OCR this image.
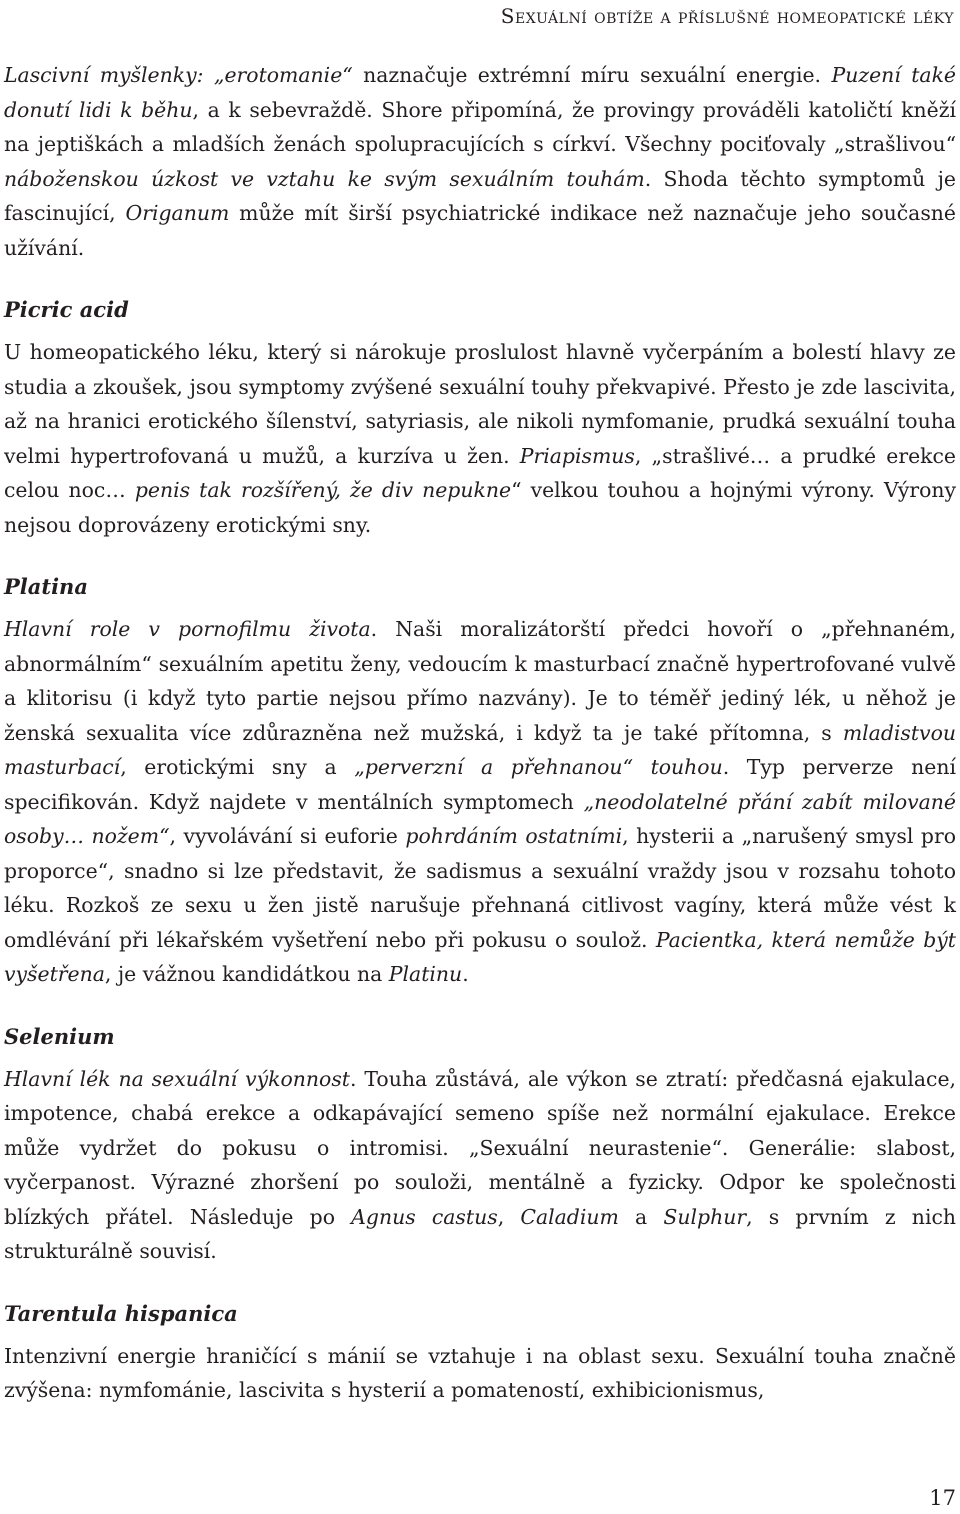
Sexuální obtíže a příslušné homeopatické léky

Lascivní myšlenky: „erotomanie“ naznačuje extrémní míru sexuální energie. Puzení také donutí lidi k běhu, a k sebevraždě. Shore připomíná, že provingy prováděli katoličtí kněží na jeptiškách a mladších ženách spolupracujících s církví. Všechny pociťovaly „strašlivou“ náboženskou úzkost ve vztahu ke svým sexuálním touhám. Shoda těchto symptomů je fascinující, Origanum může mít širší psychiatrické indikace než naznačuje jeho současné užívání.

Picric acid

U homeopatického léku, který si nárokuje proslulost hlavně vyčerpáním a bolestí hlavy ze studia a zkoušek, jsou symptomy zvýšené sexuální touhy překvapivé. Přesto je zde lascivita, až na hranici erotického šílenství, satyriasis, ale nikoli nymfomanie, prudká sexuální touha velmi hypertrofovaná u mužů, a kurzíva u žen. Priapismus, „strašlivé… a prudké erekce celou noc… penis tak rozšířený, že div nepukne“ velkou touhou a hojnými výrony. Výrony nejsou doprovázeny erotickými sny.

Platina

Hlavní role v pornofilmu života. Naši moralizátorští předci hovoří o „přehnaném, abnormálním“ sexuálním apetitu ženy, vedoucím k masturbací značně hypertrofované vulvě a klitorisu (i když tyto partie nejsou přímo nazvány). Je to téměř jediný lék, u něhož je ženská sexualita více zdůrazněna než mužská, i když ta je také přítomna, s mladistvou masturbací, erotickými sny a „perverzní a přehnanou“ touhou. Typ perverze není specifikován. Když najdete v mentálních symptomech „neodolatelné přání zabít milované osoby… nožem“, vyvolávání si euforie pohrdáním ostatními, hysterii a „narušený smysl pro proporce“, snadno si lze představit, že sadismus a sexuální vraždy jsou v rozsahu tohoto léku. Rozkoš ze sexu u žen jistě narušuje přehnaná citlivost vagíny, která může vést k omdlévání při lékařském vyšetření nebo při pokusu o soulož. Pacientka, která nemůže být vyšetřena, je vážnou kandidátkou na Platinu.

Selenium

Hlavní lék na sexuální výkonnost. Touha zůstává, ale výkon se ztratí: předčasná ejakulace, impotence, chabá erekce a odkapávající semeno spíše než normální ejakulace. Erekce může vydržet do pokusu o intromisi. „Sexuální neurastenie“. Generálie: slabost, vyčerpanost. Výrazné zhoršení po souloži, mentálně a fyzicky. Odpor ke společnosti blízkých přátel. Následuje po Agnus castus, Caladium a Sulphur, s prvním z nich strukturálně souvisí.

Tarentula hispanica

Intenzivní energie hraničící s mánií se vztahuje i na oblast sexu. Sexuální touha značně zvýšena: nymfománie, lascivita s hysterií a pomateností, exhibicionismus,

17
